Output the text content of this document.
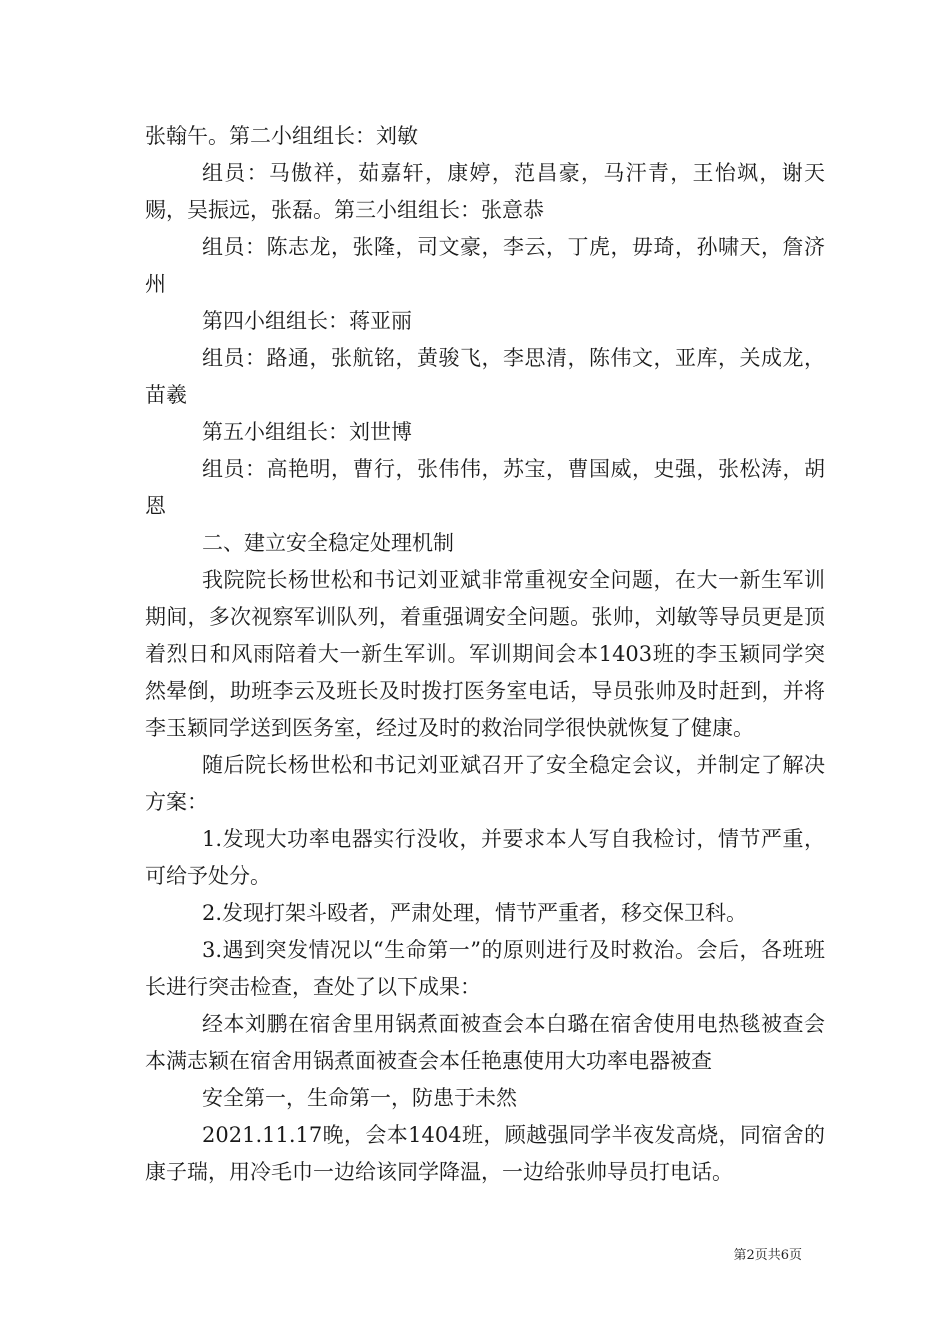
张翰午。第二小组组长：刘敏

组员：马傲祥，茹嘉轩，康婷，范昌豪，马汗青，王怡飒，谢天赐，吴振远，张磊。第三小组组长：张意恭

组员：陈志龙，张隆，司文豪，李云，丁虎，毋琦，孙啸天，詹济州

第四小组组长：蒋亚丽

组员：路通，张航铭，黄骏飞，李思清，陈伟文，亚库，关成龙，苗羲

第五小组组长：刘世博

组员：高艳明，曹行，张伟伟，苏宝，曹国威，史强，张松涛，胡恩

二、建立安全稳定处理机制

我院院长杨世松和书记刘亚斌非常重视安全问题，在大一新生军训期间，多次视察军训队列，着重强调安全问题。张帅，刘敏等导员更是顶着烈日和风雨陪着大一新生军训。军训期间会本1403班的李玉颖同学突然晕倒，助班李云及班长及时拨打医务室电话，导员张帅及时赶到，并将李玉颖同学送到医务室，经过及时的救治同学很快就恢复了健康。

随后院长杨世松和书记刘亚斌召开了安全稳定会议，并制定了解决方案：

1.发现大功率电器实行没收，并要求本人写自我检讨，情节严重，可给予处分。

2.发现打架斗殴者，严肃处理，情节严重者，移交保卫科。

3.遇到突发情况以“生命第一”的原则进行及时救治。会后，各班班长进行突击检查，查处了以下成果：

经本刘鹏在宿舍里用锅煮面被查会本白璐在宿舍使用电热毯被查会本满志颖在宿舍用锅煮面被查会本任艳惠使用大功率电器被查

安全第一，生命第一，防患于未然

2021.11.17晚，会本1404班，顾越强同学半夜发高烧，同宿舍的康子瑞，用冷毛巾一边给该同学降温，一边给张帅导员打电话。

第2页共6页
